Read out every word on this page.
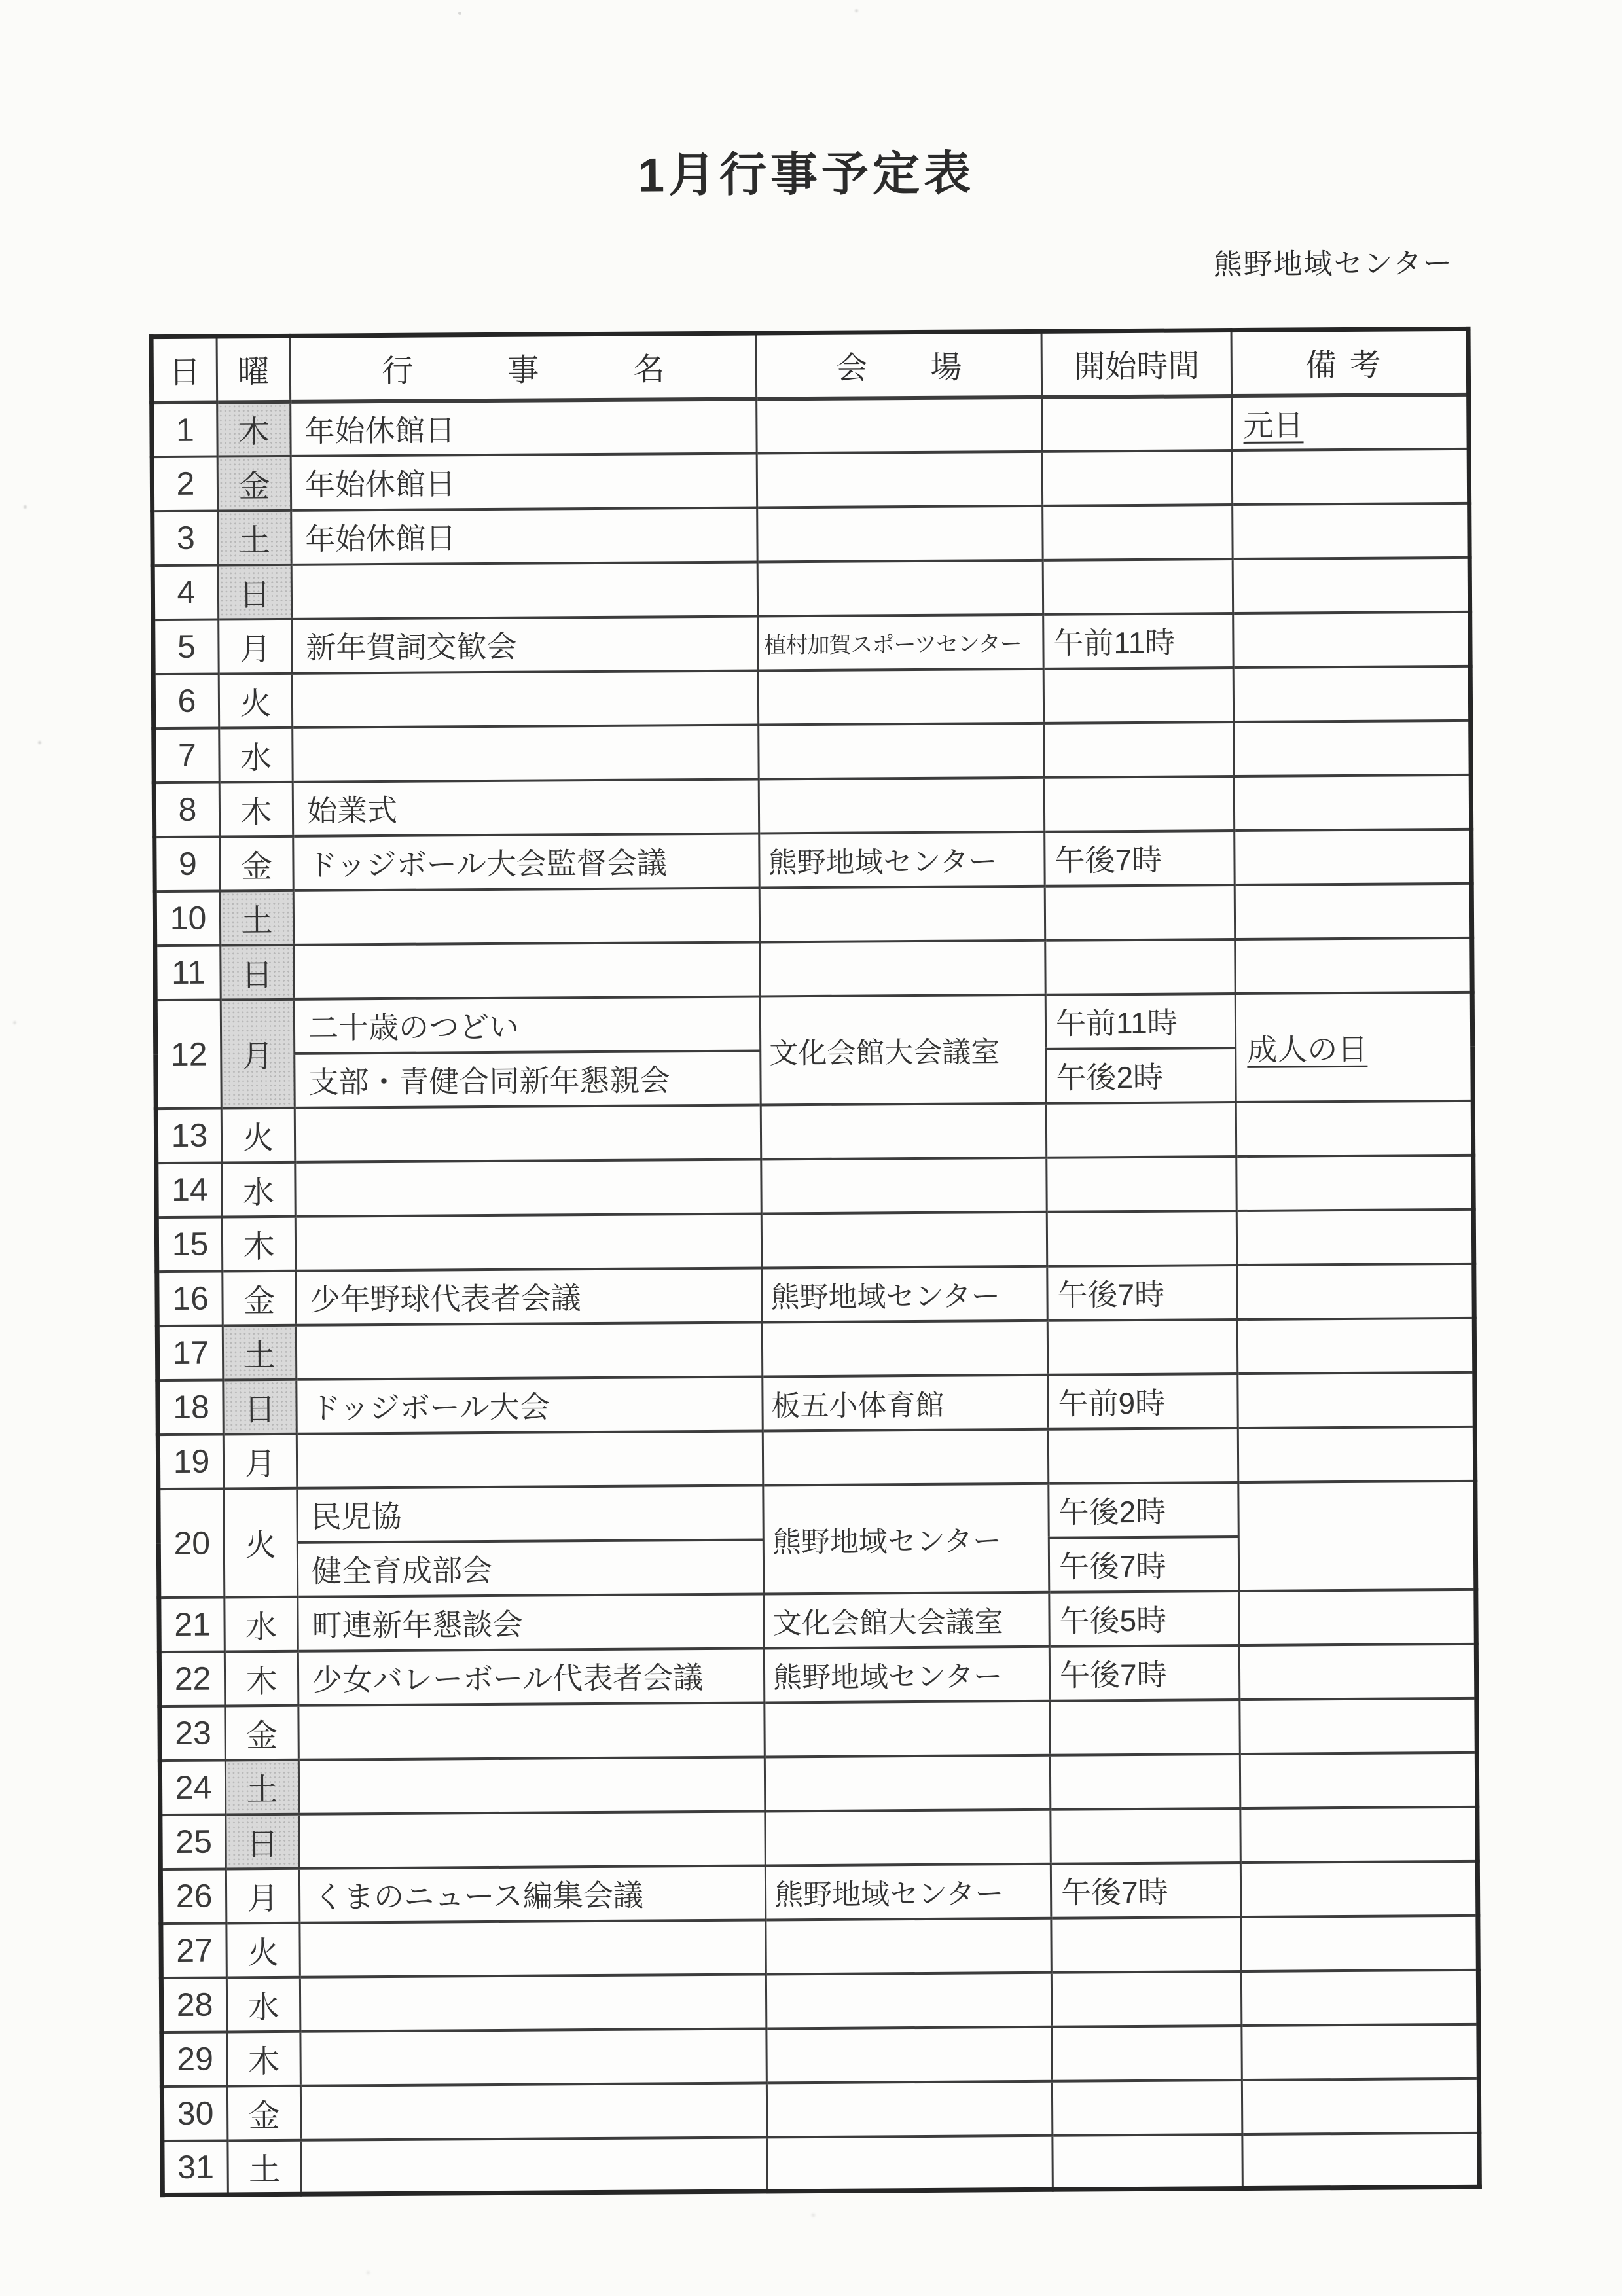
1月行事予定表
熊野地域センター
日	曜	行　　　事　　　名	会　　場	開始時間	備考
1	木	年始休館日			元日
2	金	年始休館日			
3	土	年始休館日			
4	日				
5	月	新年賀詞交歓会	植村加賀スポーツセンター	午前11時	
6	火				
7	水				
8	木	始業式			
9	金	ドッジボール大会監督会議	熊野地域センター	午後7時	
10	土				
11	日				
12	月	二十歳のつどい	文化会館大会議室	午前11時	成人の日
		支部・青健合同新年懇親会		午後2時	
13	火				
14	水				
15	木				
16	金	少年野球代表者会議	熊野地域センター	午後7時	
17	土				
18	日	ドッジボール大会	板五小体育館	午前9時	
19	月				
20	火	民児協	熊野地域センター	午後2時	
		健全育成部会		午後7時	
21	水	町連新年懇談会	文化会館大会議室	午後5時	
22	木	少女バレーボール代表者会議	熊野地域センター	午後7時	
23	金				
24	土				
25	日				
26	月	くまのニュース編集会議	熊野地域センター	午後7時	
27	火				
28	水				
29	木				
30	金				
31	土				
